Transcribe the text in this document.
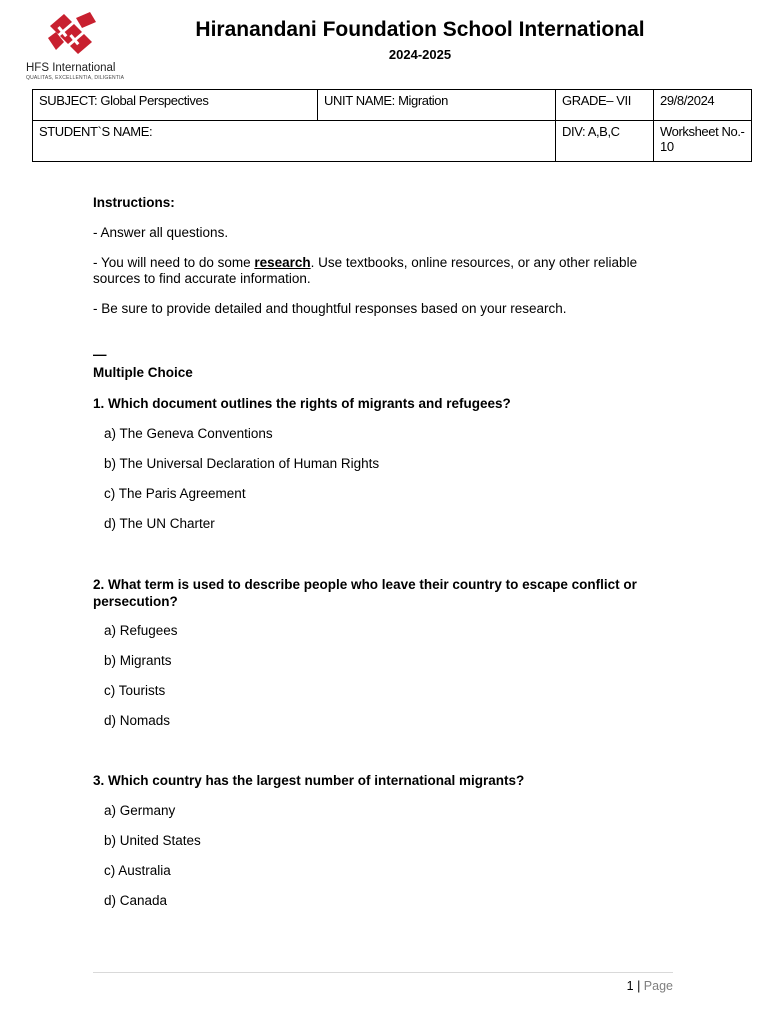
HFS International
QUALITAS, EXCELLENTIA, DILIGENTIA
Hiranandani Foundation School International
2024-2025
SUBJECT: Global Perspectives	UNIT NAME: Migration	GRADE– VII	29/8/2024
STUDENT`S NAME:		DIV: A,B,C	Worksheet No.- 10

Instructions:

- Answer all questions.

- You will need to do some research. Use textbooks, online resources, or any other reliable sources to find accurate information.

- Be sure to provide detailed and thoughtful responses based on your research.

—

Multiple Choice

1. Which document outlines the rights of migrants and refugees?

a) The Geneva Conventions

b) The Universal Declaration of Human Rights

c) The Paris Agreement

d) The UN Charter

2. What term is used to describe people who leave their country to escape conflict or persecution?

a) Refugees

b) Migrants

c) Tourists

d) Nomads

3. Which country has the largest number of international migrants?

a) Germany

b) United States

c) Australia

d) Canada

1 | Page
